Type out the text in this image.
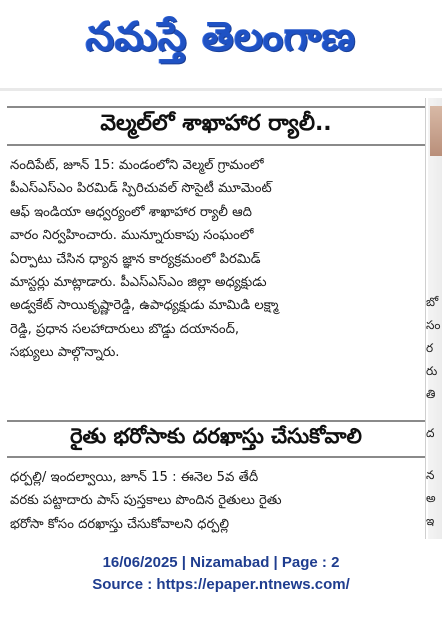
నమస్తే తెలంగాణ
వెల్మల్‌లో శాఖాహార ర్యాలీ..
నందిపేట్, జూన్ 15: మండంలోని వెల్మల్ గ్రామంలో
పీఎస్ఎస్ఎం పిరమిడ్ స్పిరిచువల్ సొసైటీ మూమెంట్
ఆఫ్ ఇండియా ఆధ్వర్యంలో శాఖాహార ర్యాలీ ఆది
వారం నిర్వహించారు. మున్నూరుకాపు సంఘంలో
ఏర్పాటు చేసిన ధ్యాన జ్ఞాన కార్యక్రమంలో పిరమిడ్
మాస్టర్లు మాట్లాడారు. పీఎస్ఎస్ఎం జిల్లా అధ్యక్షుడు
అడ్వకేట్ సాయికృష్ణారెడ్డి, ఉపాధ్యక్షుడు మామిడి లక్ష్మా
రెడ్డి, ప్రధాన సలహాదారులు బొడ్డు దయానంద్,
సభ్యులు పాల్గొన్నారు.
రైతు భరోసాకు దరఖాస్తు చేసుకోవాలి
ధర్పల్లి/ ఇందల్వాయి, జూన్ 15 : ఈనెల 5వ తేదీ
వరకు పట్టాదారు పాస్ పుస్తకాలు పొందిన రైతులు రైతు
భరోసా కోసం దరఖాస్తు చేసుకోవాలని ధర్పల్లి
బో
సం
ర
రు
తి
ద
న
అ
ఇ
16/06/2025 | Nizamabad | Page : 2
Source : https://epaper.ntnews.com/
